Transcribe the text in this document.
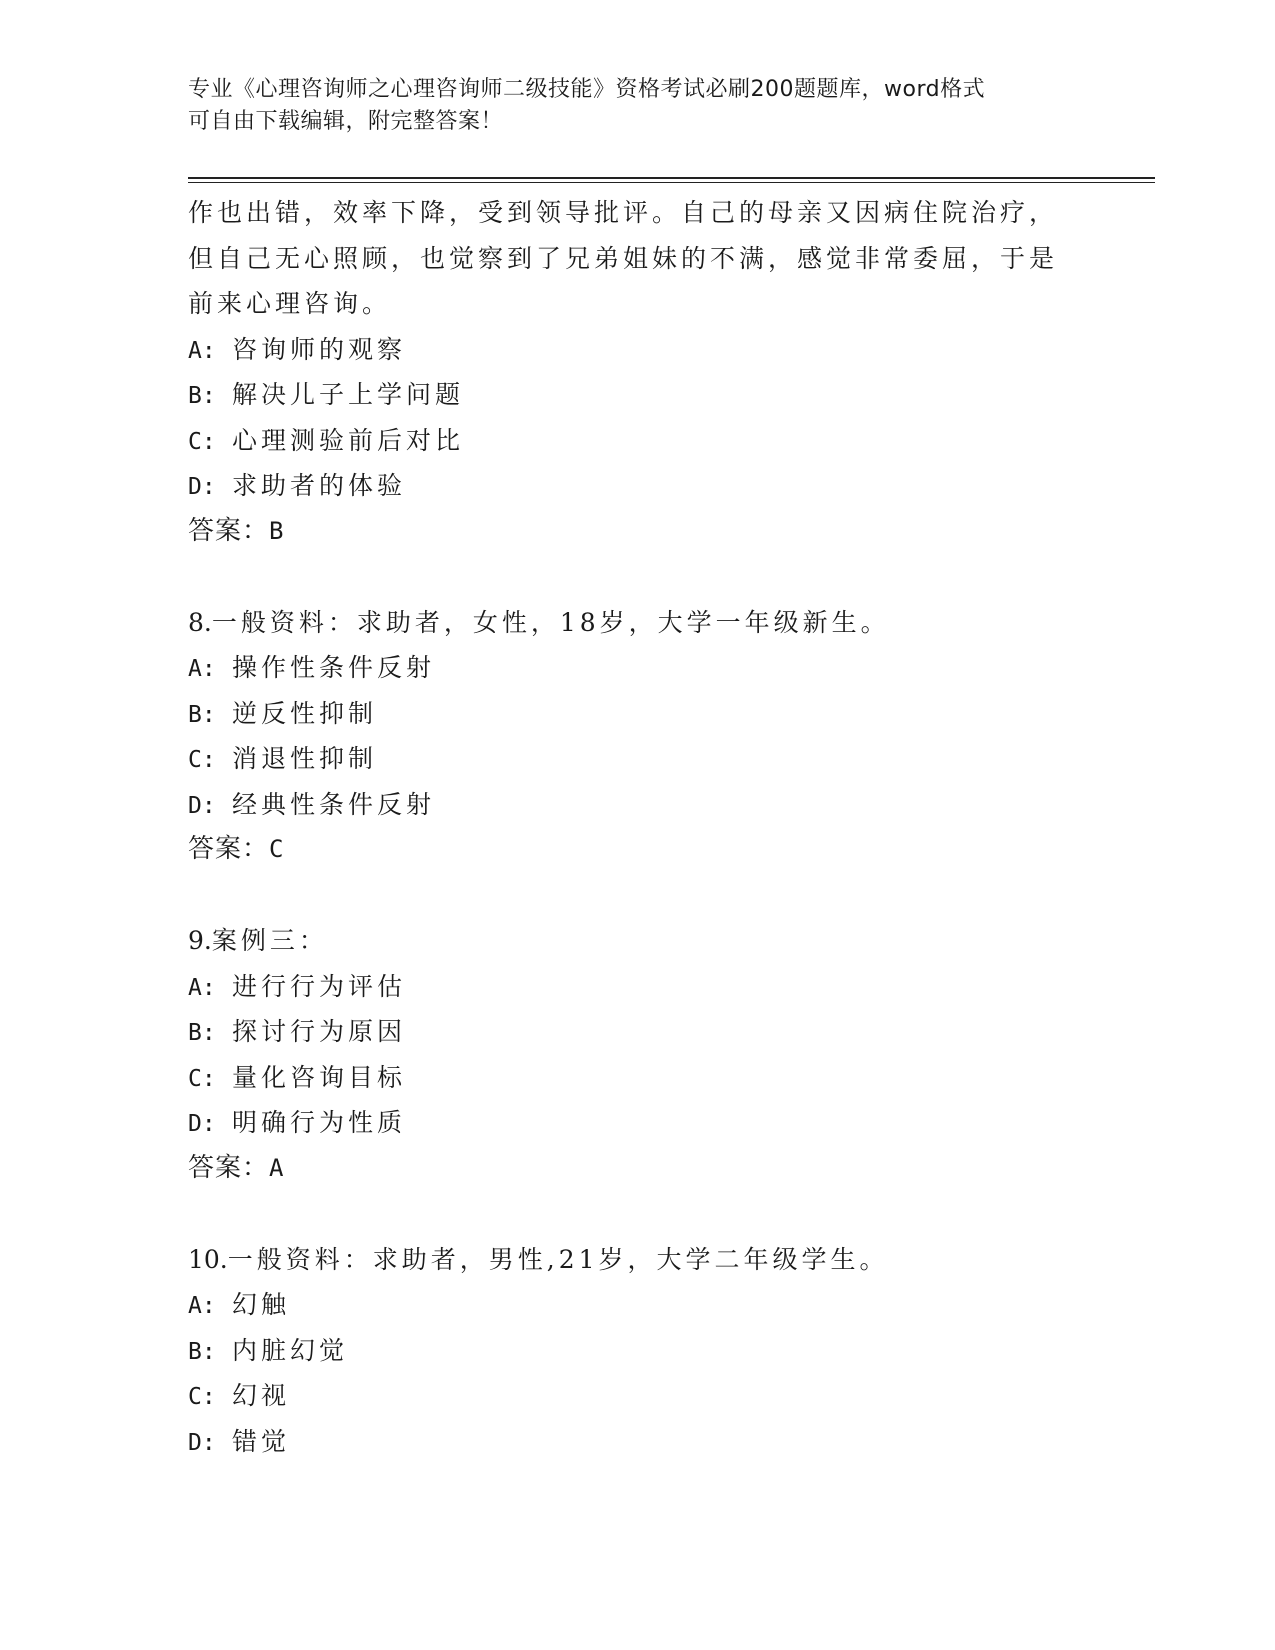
专业《心理咨询师之心理咨询师二级技能》资格考试必刷200题题库，word格式
可自由下载编辑，附完整答案！
作也出错，效率下降，受到领导批评。自己的母亲又因病住院治疗，
但自己无心照顾，也觉察到了兄弟姐妹的不满，感觉非常委屈，于是
前来心理咨询。
A: 咨询师的观察
B: 解决儿子上学问题
C: 心理测验前后对比
D: 求助者的体验
答案：B
8.一般资料：求助者，女性，18岁，大学一年级新生。
A: 操作性条件反射
B: 逆反性抑制
C: 消退性抑制
D: 经典性条件反射
答案：C
9.案例三：
A: 进行行为评估
B: 探讨行为原因
C: 量化咨询目标
D: 明确行为性质
答案：A
10.一般资料：求助者，男性,21岁，大学二年级学生。
A: 幻触
B: 内脏幻觉
C: 幻视
D: 错觉
